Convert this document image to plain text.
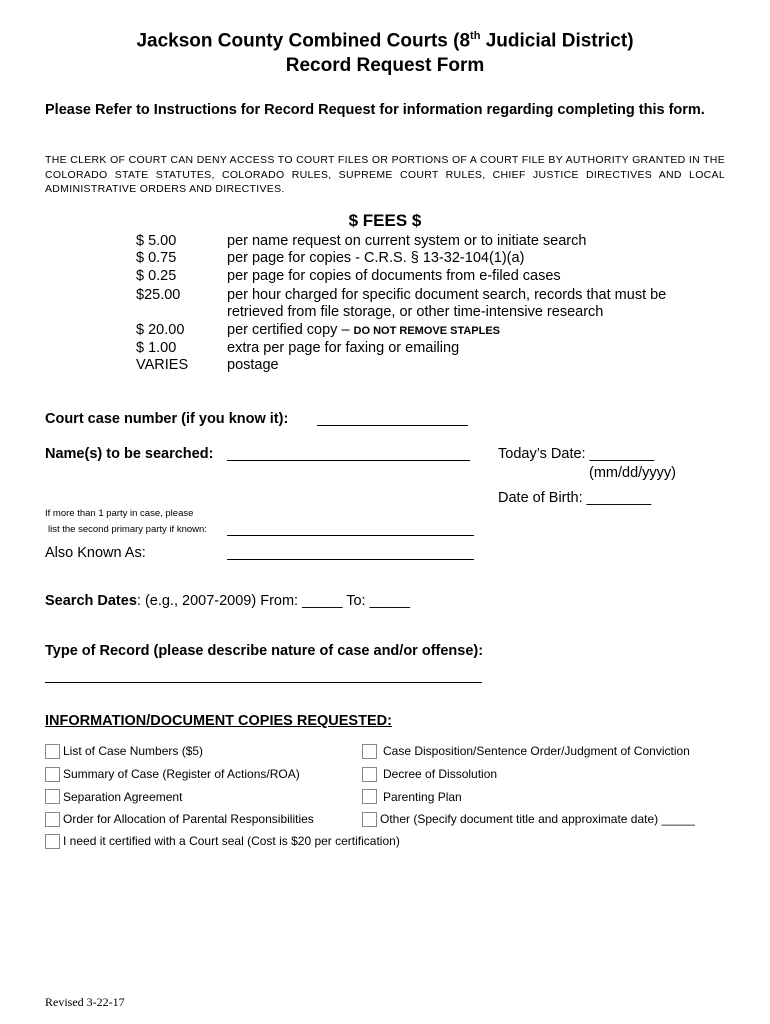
Jackson County Combined Courts (8th Judicial District)
Record Request Form
Please Refer to Instructions for Record Request for information regarding completing this form.
THE CLERK OF COURT CAN DENY ACCESS TO COURT FILES OR PORTIONS OF A COURT FILE BY AUTHORITY GRANTED IN THE COLORADO STATE STATUTES, COLORADO RULES, SUPREME COURT RULES, CHIEF JUSTICE DIRECTIVES AND LOCAL ADMINISTRATIVE ORDERS AND DIRECTIVES.
$ FEES $
$ 5.00	per name request on current system or to initiate search
$ 0.75	per page for copies - C.R.S. § 13-32-104(1)(a)
$ 0.25	per page for copies of documents from e-filed cases
$25.00	per hour charged for specific document search, records that must be
retrieved from file storage, or other time-intensive research
$ 20.00	per certified copy – DO NOT REMOVE STAPLES
$ 1.00	extra per page for faxing or emailing
VARIES	postage
Court case number (if you know it):
Name(s) to be searched:	Today’s Date: ________
(mm/dd/yyyy)
Date of Birth: ________
If more than 1 party in case, please
list the second primary party if known:
Also Known As:
Search Dates: (e.g., 2007-2009) From: _____ To: _____
Type of Record (please describe nature of case and/or offense):
INFORMATION/DOCUMENT COPIES REQUESTED:
List of Case Numbers ($5)
Summary of Case (Register of Actions/ROA)
Separation Agreement
Order for Allocation of Parental Responsibilities
Case Disposition/Sentence Order/Judgment of Conviction
Decree of Dissolution
Parenting Plan
Other (Specify document title and approximate date) _____
I need it certified with a Court seal (Cost is $20 per certification)
Revised 3-22-17
